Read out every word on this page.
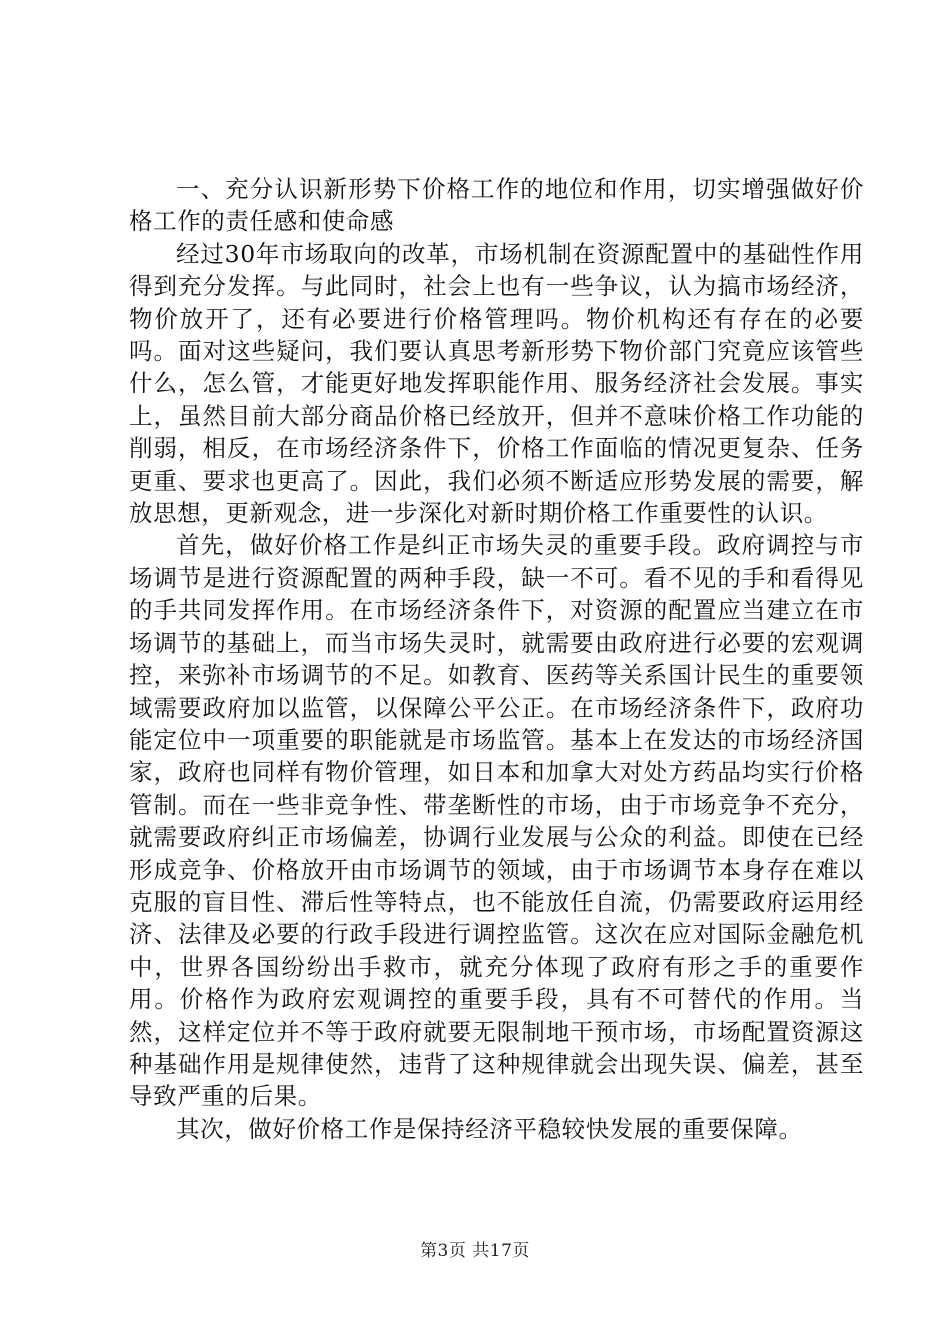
一、充分认识新形势下价格工作的地位和作用，切实增强做好价格工作的责任感和使命感

经过30年市场取向的改革，市场机制在资源配置中的基础性作用得到充分发挥。与此同时，社会上也有一些争议，认为搞市场经济，物价放开了，还有必要进行价格管理吗。物价机构还有存在的必要吗。面对这些疑问，我们要认真思考新形势下物价部门究竟应该管些什么，怎么管，才能更好地发挥职能作用、服务经济社会发展。事实上，虽然目前大部分商品价格已经放开，但并不意味价格工作功能的削弱，相反，在市场经济条件下，价格工作面临的情况更复杂、任务更重、要求也更高了。因此，我们必须不断适应形势发展的需要，解放思想，更新观念，进一步深化对新时期价格工作重要性的认识。

首先，做好价格工作是纠正市场失灵的重要手段。政府调控与市场调节是进行资源配置的两种手段，缺一不可。看不见的手和看得见的手共同发挥作用。在市场经济条件下，对资源的配置应当建立在市场调节的基础上，而当市场失灵时，就需要由政府进行必要的宏观调控，来弥补市场调节的不足。如教育、医药等关系国计民生的重要领域需要政府加以监管，以保障公平公正。在市场经济条件下，政府功能定位中一项重要的职能就是市场监管。基本上在发达的市场经济国家，政府也同样有物价管理，如日本和加拿大对处方药品均实行价格管制。而在一些非竞争性、带垄断性的市场，由于市场竞争不充分，就需要政府纠正市场偏差，协调行业发展与公众的利益。即使在已经形成竞争、价格放开由市场调节的领域，由于市场调节本身存在难以克服的盲目性、滞后性等特点，也不能放任自流，仍需要政府运用经济、法律及必要的行政手段进行调控监管。这次在应对国际金融危机中，世界各国纷纷出手救市，就充分体现了政府有形之手的重要作用。价格作为政府宏观调控的重要手段，具有不可替代的作用。当然，这样定位并不等于政府就要无限制地干预市场，市场配置资源这种基础作用是规律使然，违背了这种规律就会出现失误、偏差，甚至导致严重的后果。

其次，做好价格工作是保持经济平稳较快发展的重要保障。

第3页 共17页
